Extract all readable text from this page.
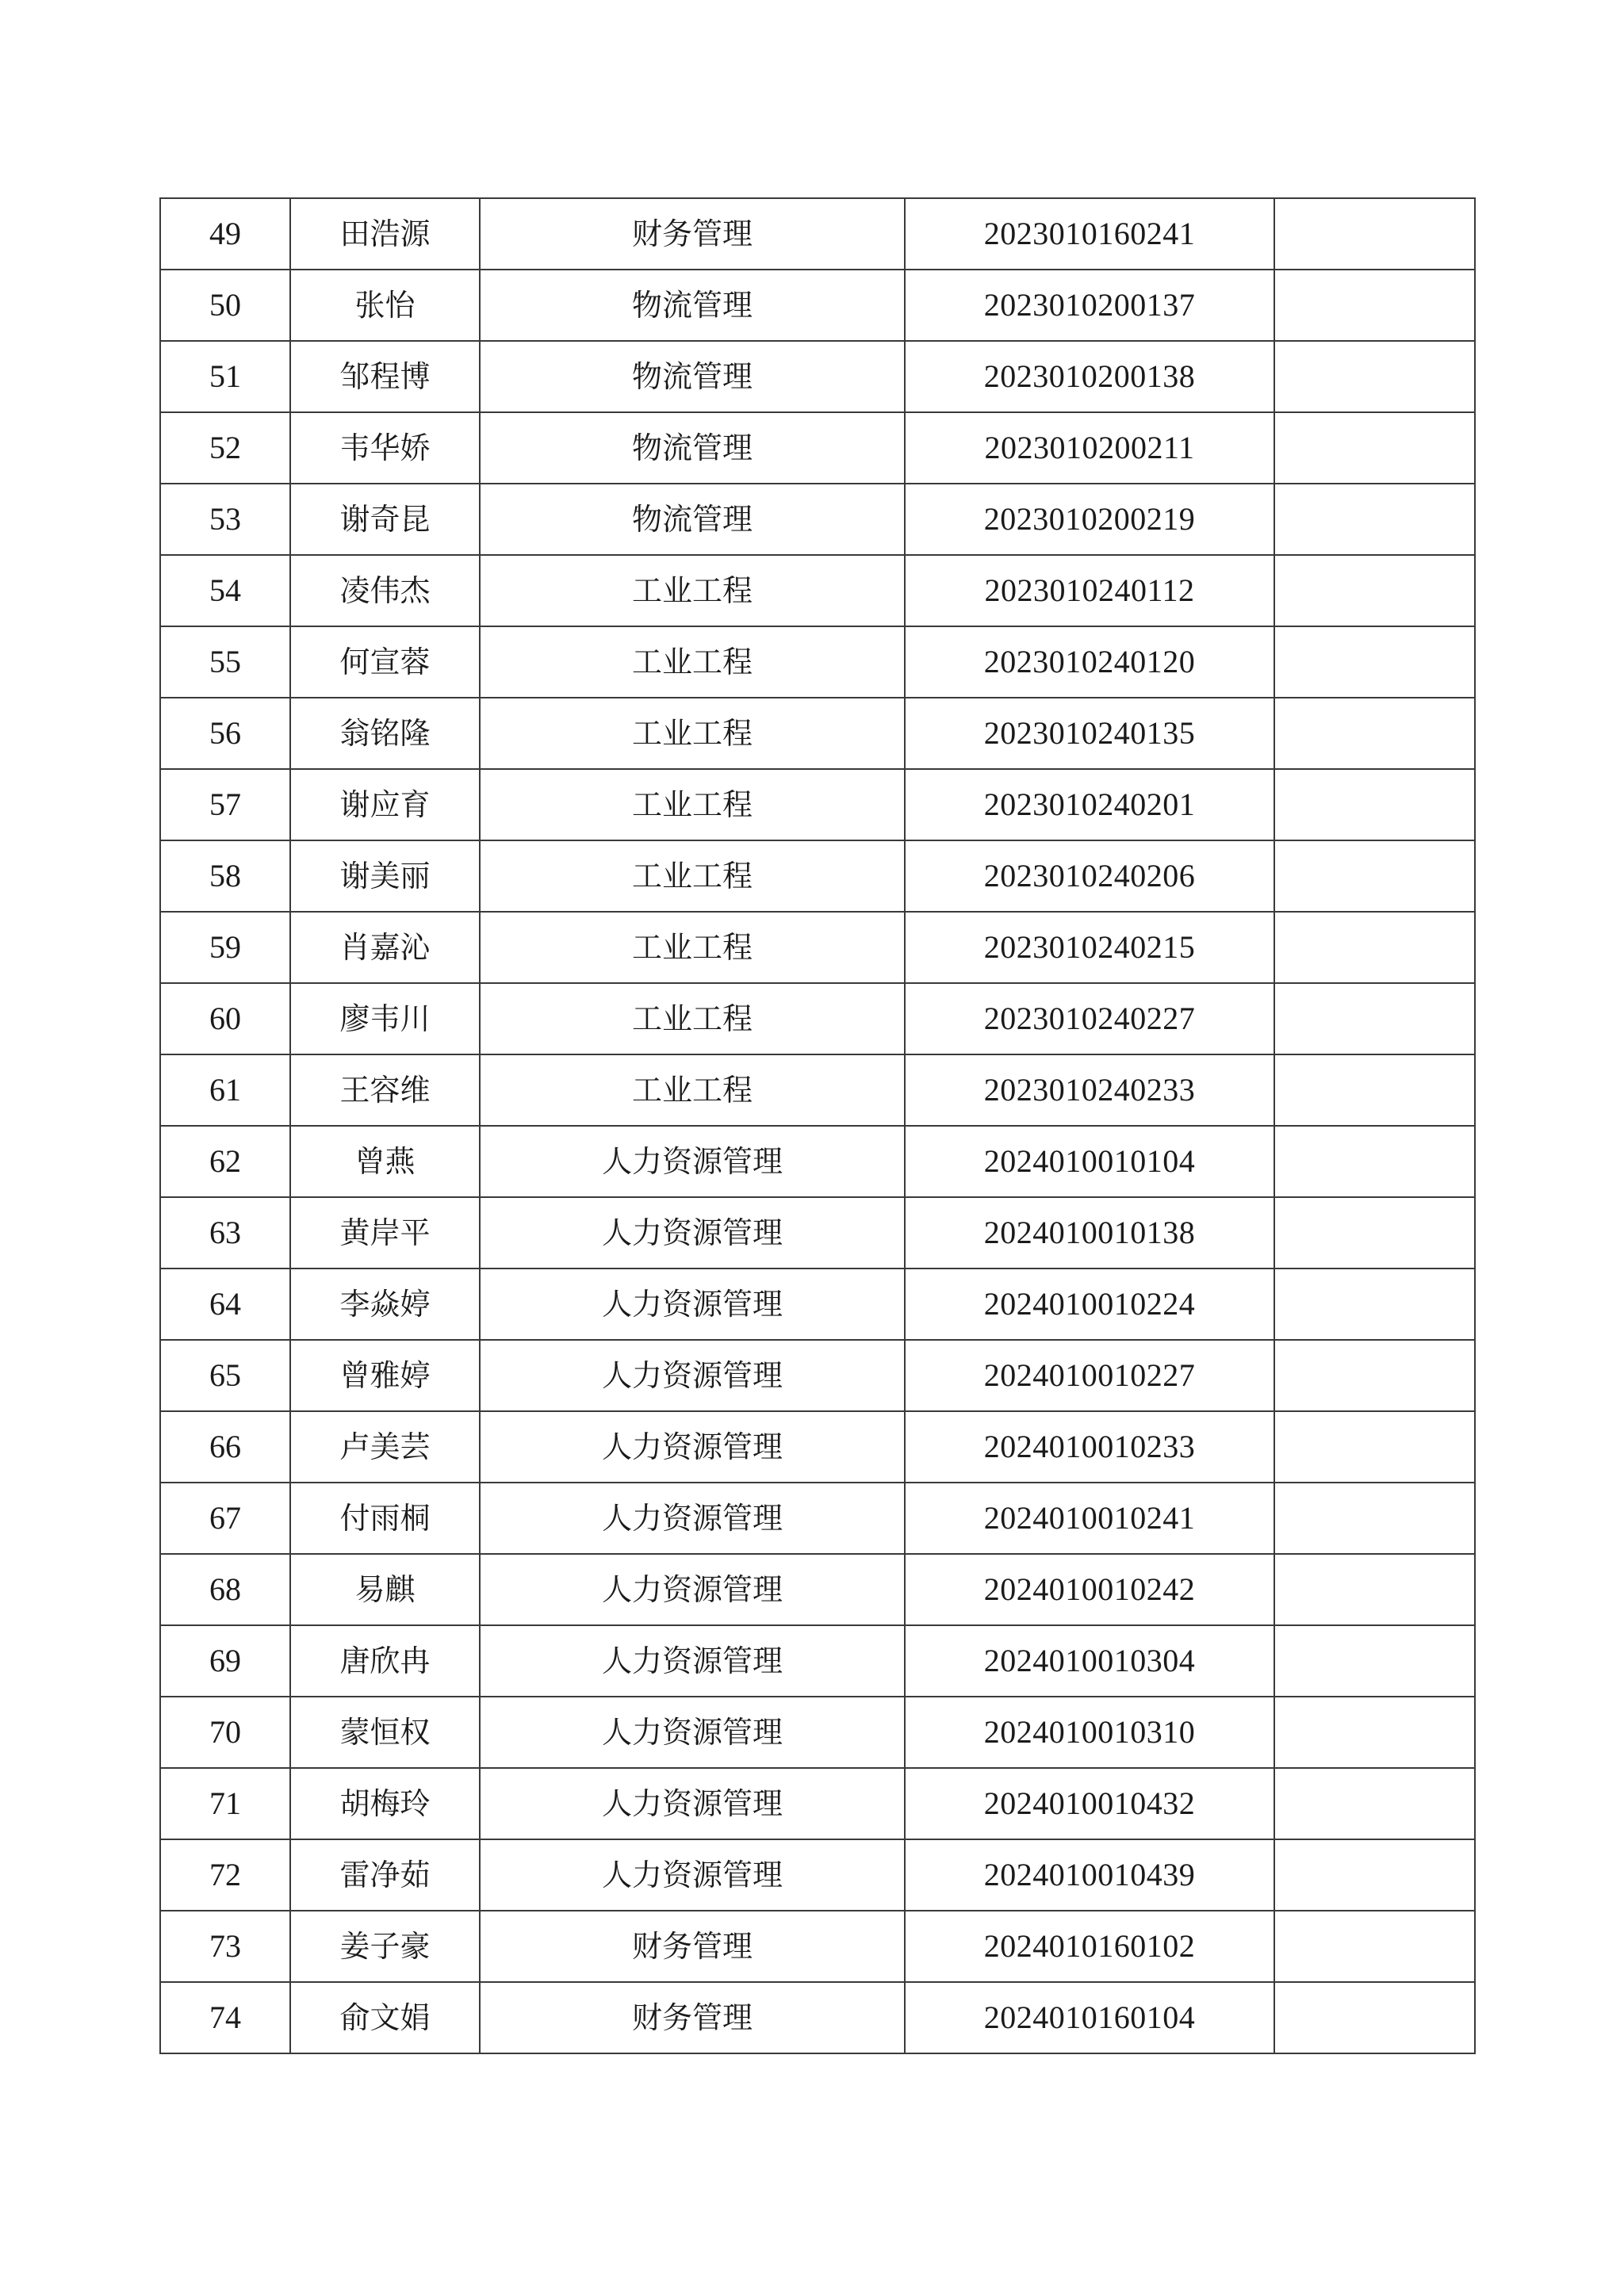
49	田浩源	财务管理	2023010160241	
50	张怡	物流管理	2023010200137	
51	邹程博	物流管理	2023010200138	
52	韦华娇	物流管理	2023010200211	
53	谢奇昆	物流管理	2023010200219	
54	凌伟杰	工业工程	2023010240112	
55	何宣蓉	工业工程	2023010240120	
56	翁铭隆	工业工程	2023010240135	
57	谢应育	工业工程	2023010240201	
58	谢美丽	工业工程	2023010240206	
59	肖嘉沁	工业工程	2023010240215	
60	廖韦川	工业工程	2023010240227	
61	王容维	工业工程	2023010240233	
62	曾燕	人力资源管理	2024010010104	
63	黄岸平	人力资源管理	2024010010138	
64	李焱婷	人力资源管理	2024010010224	
65	曾雅婷	人力资源管理	2024010010227	
66	卢美芸	人力资源管理	2024010010233	
67	付雨桐	人力资源管理	2024010010241	
68	易麒	人力资源管理	2024010010242	
69	唐欣冉	人力资源管理	2024010010304	
70	蒙恒权	人力资源管理	2024010010310	
71	胡梅玲	人力资源管理	2024010010432	
72	雷净茹	人力资源管理	2024010010439	
73	姜子豪	财务管理	2024010160102	
74	俞文娟	财务管理	2024010160104	
